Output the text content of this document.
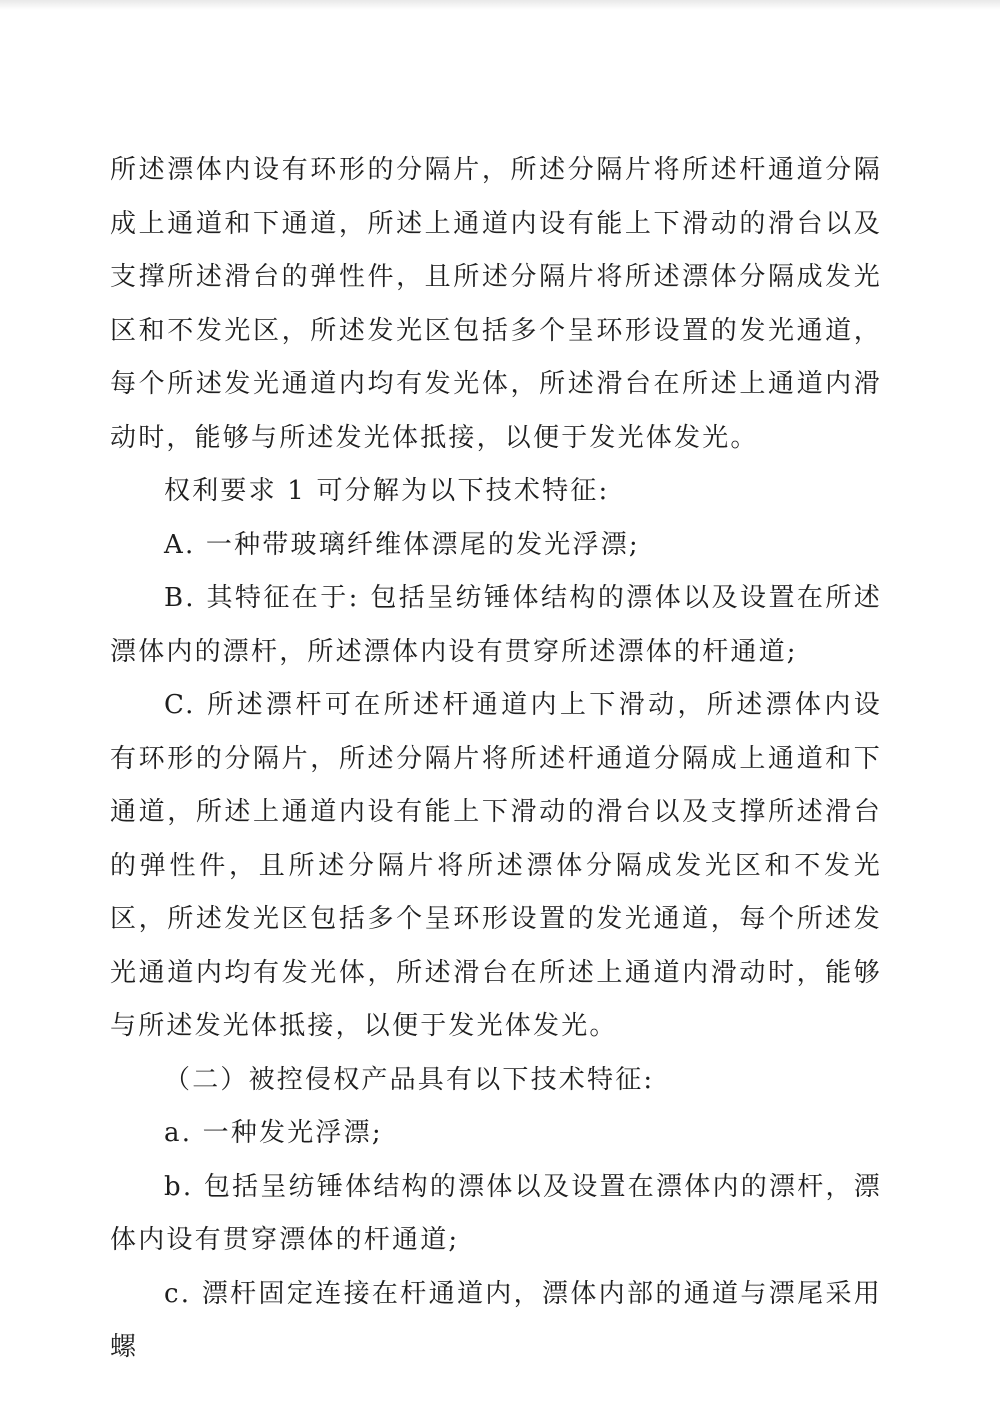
所述漂体内设有环形的分隔片，所述分隔片将所述杆通道分隔成上通道和下通道，所述上通道内设有能上下滑动的滑台以及支撑所述滑台的弹性件，且所述分隔片将所述漂体分隔成发光区和不发光区，所述发光区包括多个呈环形设置的发光通道，每个所述发光通道内均有发光体，所述滑台在所述上通道内滑动时，能够与所述发光体抵接，以便于发光体发光。

权利要求 1 可分解为以下技术特征:

A. 一种带玻璃纤维体漂尾的发光浮漂;

B. 其特征在于: 包括呈纺锤体结构的漂体以及设置在所述漂体内的漂杆，所述漂体内设有贯穿所述漂体的杆通道;

C. 所述漂杆可在所述杆通道内上下滑动，所述漂体内设有环形的分隔片，所述分隔片将所述杆通道分隔成上通道和下通道，所述上通道内设有能上下滑动的滑台以及支撑所述滑台的弹性件，且所述分隔片将所述漂体分隔成发光区和不发光区，所述发光区包括多个呈环形设置的发光通道，每个所述发光通道内均有发光体，所述滑台在所述上通道内滑动时，能够与所述发光体抵接，以便于发光体发光。

（二）被控侵权产品具有以下技术特征:

a. 一种发光浮漂;

b. 包括呈纺锤体结构的漂体以及设置在漂体内的漂杆，漂体内设有贯穿漂体的杆通道;

c. 漂杆固定连接在杆通道内，漂体内部的通道与漂尾采用螺
